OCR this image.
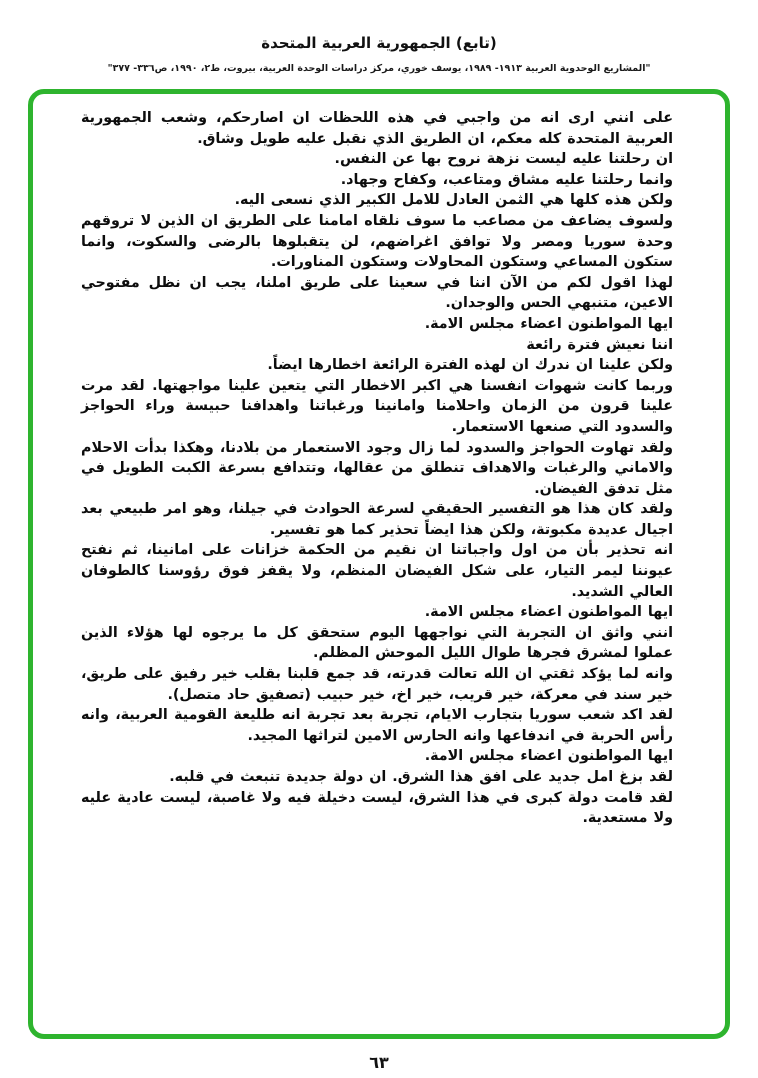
(تابع) الجمهورية العربية المتحدة
"المشاريع الوحدوية العربية ١٩١٣- ١٩٨٩، يوسف خوري، مركز دراسات الوحدة العربية، بيروت، ط٢، ١٩٩٠، ص٣٣٦- ٣٧٧"

على انني ارى انه من واجبي في هذه اللحظات ان اصارحكم، وشعب الجمهورية العربية المتحدة كله معكم، ان الطريق الذي نقبل عليه طويل وشاق.

ان رحلتنا عليه ليست نزهة نروح بها عن النفس.

وانما رحلتنا عليه مشاق ومتاعب، وكفاح وجهاد.

ولكن هذه كلها هي الثمن العادل للامل الكبير الذي نسعى اليه.

ولسوف يضاعف من مصاعب ما سوف نلقاه امامنا على الطريق ان الذين لا تروقهم وحدة سوريا ومصر ولا توافق اغراضهم، لن يتقبلوها بالرضى والسكوت، وانما ستكون المساعي وستكون المحاولات وستكون المناورات.

لهذا اقول لكم من الآن اننا في سعينا على طريق املنا، يجب ان نظل مفتوحي الاعين، متنبهي الحس والوجدان.

ايها المواطنون اعضاء مجلس الامة.

اننا نعيش فترة رائعة

ولكن علينا ان ندرك ان لهذه الفترة الرائعة اخطارها ايضاً.

وربما كانت شهوات انفسنا هي اكبر الاخطار التي يتعين علينا مواجهتها. لقد مرت علينا قرون من الزمان واحلامنا وامانينا ورغباتنا واهدافنا حبيسة وراء الحواجز والسدود التي صنعها الاستعمار.

ولقد تهاوت الحواجز والسدود لما زال وجود الاستعمار من بلادنا، وهكذا بدأت الاحلام والاماني والرغبات والاهداف تنطلق من عقالها، وتتدافع بسرعة الكبت الطويل في مثل تدفق الفيضان.

ولقد كان هذا هو التفسير الحقيقي لسرعة الحوادث في جيلنا، وهو امر طبيعي بعد اجيال عديدة مكبوتة، ولكن هذا ايضاً تحذير كما هو تفسير.

انه تحذير بأن من اول واجباتنا ان نقيم من الحكمة خزانات على امانينا، ثم نفتح عيوننا ليمر التيار، على شكل الفيضان المنظم، ولا يقفز فوق رؤوسنا كالطوفان العالي الشديد.

ايها المواطنون اعضاء مجلس الامة.

انني واثق ان التجربة التي نواجهها اليوم ستحقق كل ما يرجوه لها هؤلاء الذين عملوا لمشرق فجرها طوال الليل الموحش المظلم.

وانه لما يؤكد ثقتي ان الله تعالت قدرته، قد جمع قلبنا بقلب خير رفيق على طريق، خير سند في معركة، خير قريب، خير اخ، خير حبيب (تصفيق حاد متصل).

لقد اكد شعب سوريا بتجارب الايام، تجربة بعد تجربة انه طليعة القومية العربية، وانه رأس الحربة في اندفاعها وانه الحارس الامين لتراثها المجيد.

ايها المواطنون اعضاء مجلس الامة.

لقد بزغ امل جديد على افق هذا الشرق. ان دولة جديدة تنبعث في قلبه.

لقد قامت دولة كبرى في هذا الشرق، ليست دخيلة فيه ولا غاصبة، ليست عادية عليه ولا مستعدية.

٦٣
